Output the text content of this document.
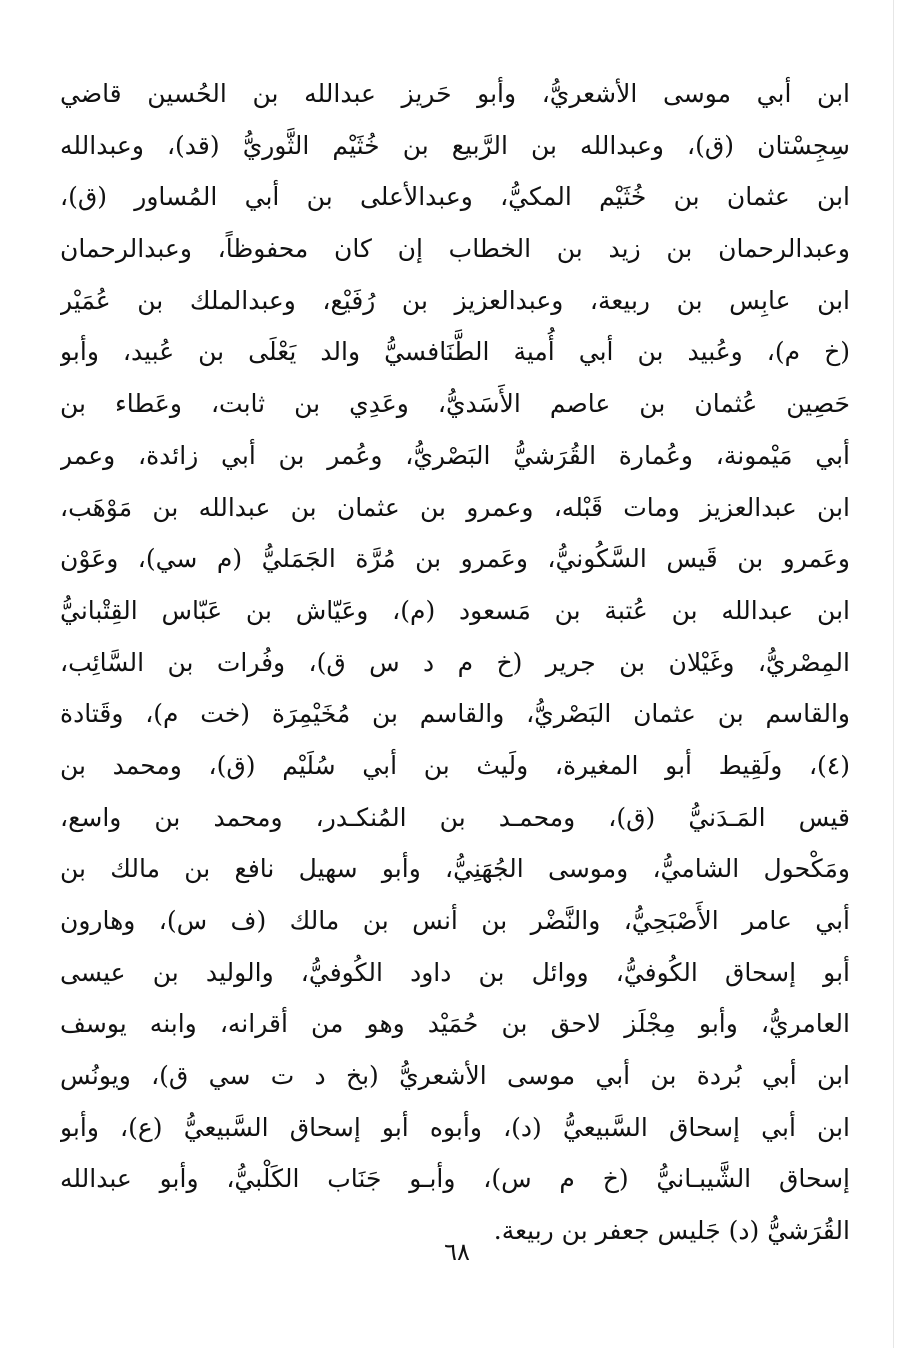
ابن أبي موسى الأشعريُّ، وأبو حَريز عبدالله بن الحُسين قاضي
سِجِسْتان (ق)، وعبدالله بن الرَّبيع بن خُثَيْم الثَّوريُّ (قد)، وعبدالله
ابن عثمان بن خُثَيْم المكيُّ، وعبدالأعلى بن أبي المُساور (ق)،
وعبدالرحمان بن زيد بن الخطاب إن كان محفوظاً، وعبدالرحمان
ابن عابِس بن ربيعة، وعبدالعزيز بن رُفَيْع، وعبدالملك بن عُمَيْر
(خ م)، وعُبيد بن أبي أُمية الطَّنَافسيُّ والد يَعْلَى بن عُبيد، وأبو
حَصِين عُثمان بن عاصم الأَسَديُّ، وعَدِي بن ثابت، وعَطاء بن
أبي مَيْمونة، وعُمارة القُرَشيُّ البَصْريُّ، وعُمر بن أبي زائدة، وعمر
ابن عبدالعزيز ومات قَبْله، وعمرو بن عثمان بن عبدالله بن مَوْهَب،
وعَمرو بن قَيس السَّكُونيُّ، وعَمرو بن مُرَّة الجَمَليُّ (م سي)، وعَوْن
ابن عبدالله بن عُتبة بن مَسعود (م)، وعَيّاش بن عَبّاس القِتْبانيُّ
المِصْريُّ، وغَيْلان بن جرير (خ م د س ق)، وفُرات بن السَّائِب،
والقاسم بن عثمان البَصْريُّ، والقاسم بن مُخَيْمِرَة (خت م)، وقَتادة
(٤)، ولَقِيط أبو المغيرة، ولَيث بن أبي سُلَيْم (ق)، ومحمد بن
قيس المَـدَنيُّ (ق)، ومحمـد بن المُنكـدر، ومحمد بن واسع،
ومَكْحول الشاميُّ، وموسى الجُهَنِيُّ، وأبو سهيل نافع بن مالك بن
أبي عامر الأَصْبَحِيُّ، والنَّضْر بن أنس بن مالك (ف س)، وهارون
أبو إسحاق الكُوفيُّ، ووائل بن داود الكُوفيُّ، والوليد بن عيسى
العامريُّ، وأبو مِجْلَز لاحق بن حُمَيْد وهو من أقرانه، وابنه يوسف
ابن أبي بُردة بن أبي موسى الأشعريُّ (بخ د ت سي ق)، ويونُس
ابن أبي إسحاق السَّبيعيُّ (د)، وأبوه أبو إسحاق السَّبيعيُّ (ع)، وأبو
إسحاق الشَّيبـانيُّ (خ م س)، وأبـو جَنَاب الكَلْبيُّ، وأبو عبدالله
القُرَشيُّ (د) جَليس جعفر بن ربيعة.
٦٨
